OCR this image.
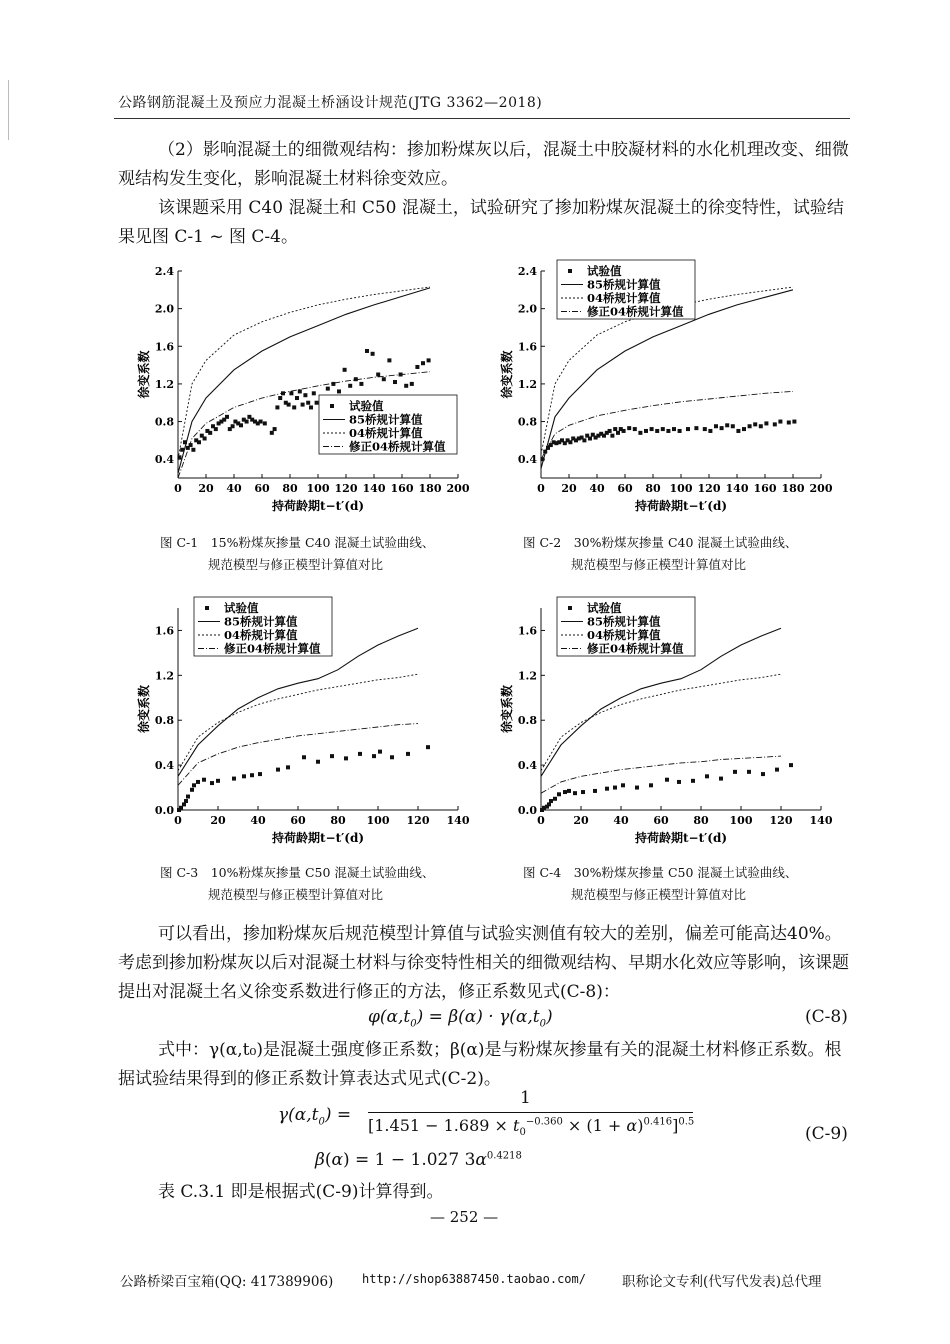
公路钢筋混凝土及预应力混凝土桥涵设计规范(JTG 3362—2018)
（2）影响混凝土的细微观结构：掺加粉煤灰以后，混凝土中胶凝材料的水化机理改变、细微观结构发生变化，影响混凝土材料徐变效应。
该课题采用 C40 混凝土和 C50 混凝土，试验研究了掺加粉煤灰混凝土的徐变特性，试验结果见图 C-1 ~ 图 C-4。
0 20 40 60 80 100 120 140 160 180 200
0.4
0.8
1.2
1.6
2.0
2.4
持荷龄期t−t′(d)
徐变系数
试验值
85桥规计算值
04桥规计算值
修正04桥规计算值
0 20 40 60 80 100 120 140 160 180 200
0.4
0.8
1.2
1.6
2.0
2.4
持荷龄期t−t′(d)
徐变系数
试验值
85桥规计算值
04桥规计算值
修正04桥规计算值
0	20 40 60 80 100 120 140
0.0
0.4
0.8
1.2
1.6
持荷龄期t−t′(d)
徐变系数
试验值
85桥规计算值
04桥规计算值
修正04桥规计算值
0	20 40 60 80 100 120 140
0.0
0.4
0.8
1.2
1.6
持荷龄期t−t′(d)
徐变系数
试验值
85桥规计算值
04桥规计算值
修正04桥规计算值
图 C-1　15%粉煤灰掺量 C40 混凝土试验曲线、
规范模型与修正模型计算值对比
图 C-2　30%粉煤灰掺量 C40 混凝土试验曲线、
规范模型与修正模型计算值对比
图 C-3　10%粉煤灰掺量 C50 混凝土试验曲线、
规范模型与修正模型计算值对比
图 C-4　30%粉煤灰掺量 C50 混凝土试验曲线、
规范模型与修正模型计算值对比
可以看出，掺加粉煤灰后规范模型计算值与试验实测值有较大的差别，偏差可能高达40%。考虑到掺加粉煤灰以后对混凝土材料与徐变特性相关的细微观结构、早期水化效应等影响，该课题提出对混凝土名义徐变系数进行修正的方法，修正系数见式(C-8)：
$\varphi(\alpha,t_0) = \beta(\alpha) \cdot \gamma(\alpha,t_0)$	(C-8)
式中：γ(α,t₀)是混凝土强度修正系数；β(α)是与粉煤灰掺量有关的混凝土材料修正系数。根据试验结果得到的修正系数计算表达式见式(C-2)。
$\gamma(\alpha,t_0)$ =
1
$[1.451 - 1.689 \times t_0^{-0.360} \times (1 + \alpha)^{0.416}]^{0.5}$
(C-9)
β(α) = 1 − 1.027 $3\alpha^{0.4218}$
表 C.3.1 即是根据式(C-9)计算得到。
— 252 —
公路桥梁百宝箱(QQ: 417389906) http://shop63887450.taobao.com/	职称论文专利(代写代发表)总代理
